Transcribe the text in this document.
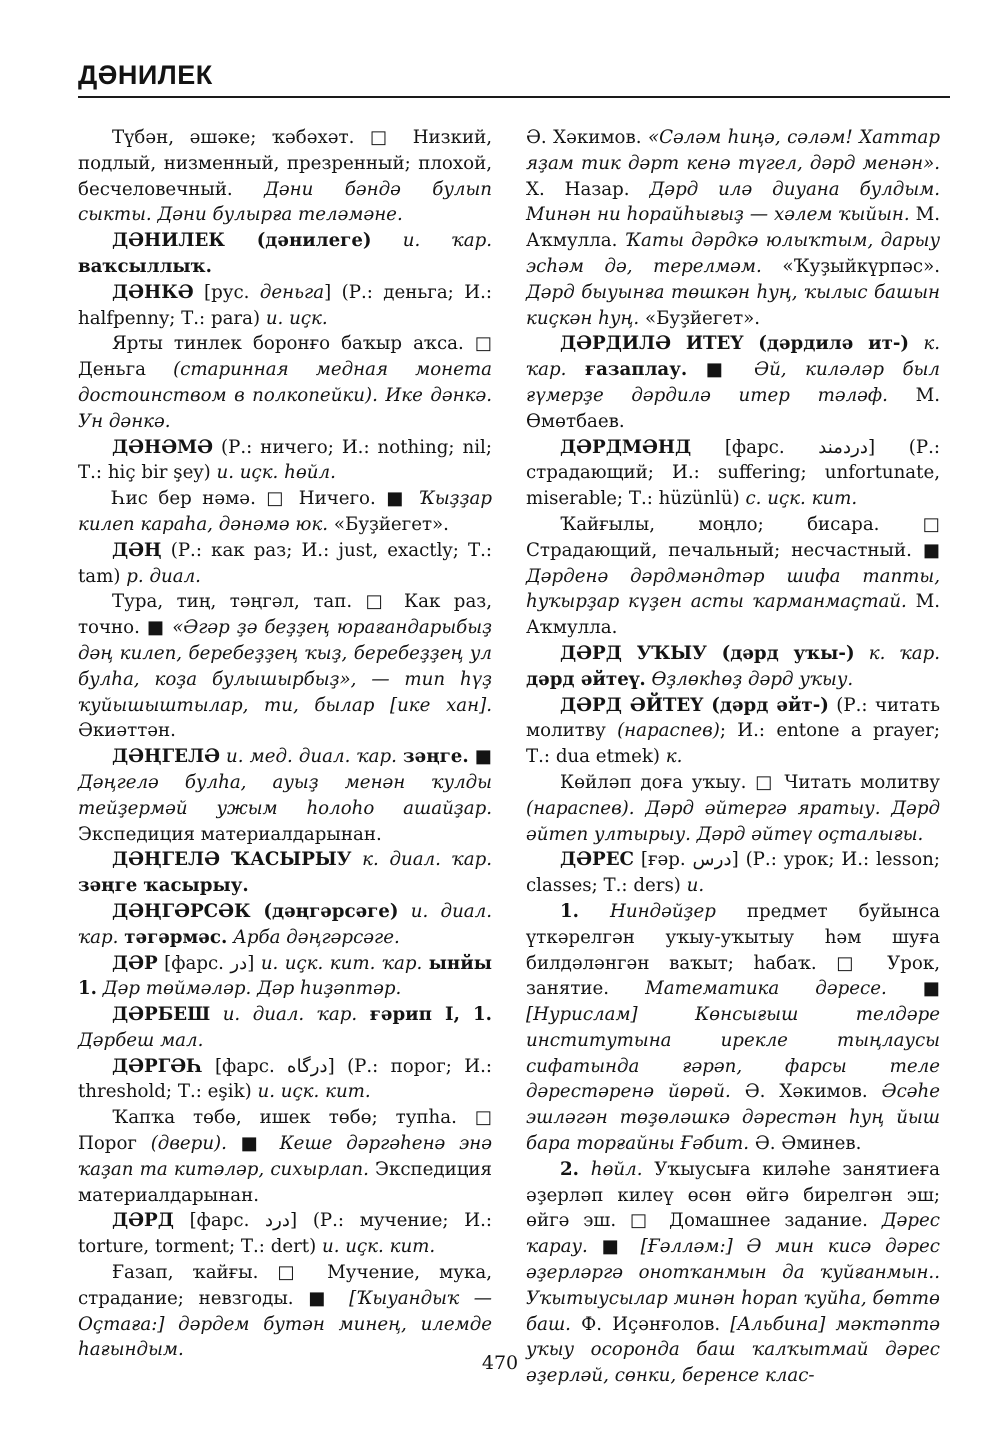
ДӘНИЛЕК

Түбән, әшәке; ҡәбәхәт. □ Низкий, подлый, низменный, презренный; плохой, бесчеловечный. Дәни бәндә булып сыкты. Дәни булырға теләмәне.

ДӘНИЛЕК (дәнилеге) и. ҡар. ваҡсыллыҡ.

ДӘНКӘ [рус. деньга] (Р.: деньга; И.: halfpenny; Т.: para) и. иҫк.

Ярты тинлек боронғо баҡыр аҡса. □ Деньга (старинная медная монета достоинством в полкопейки). Ике дәнкә. Ун дәнкә.

ДӘНӘМӘ (Р.: ничего; И.: nothing; nil; Т.: hiç bir şey) и. иҫк. һөйл.

Һис бер нәмә. □ Ничего. ■ Ҡыҙҙар килеп караһа, дәнәмә юк. «Буҙйегет».

ДӘҢ (Р.: как раз; И.: just, exactly; Т.: tam) р. диал.

Тура, тиң, тәңгәл, тап. □ Как раз, точно. ■ «Әгәр ҙә беҙҙең юрағандарыбыҙ дәң килеп, беребеҙҙең ҡыҙ, беребеҙҙең ул булһа, коҙа булышырбыҙ», — тип һүҙ ҡуйышыштылар, ти, былар [ике хан]. Әкиәттән.

ДӘҢГЕЛӘ и. мед. диал. ҡар. зәңге. ■ Дәңгелә булһа, ауыҙ менән ҡулды тейҙермәй ужым һолоһо ашайҙар. Экспедиция материалдарынан.

ДӘҢГЕЛӘ ҠАСЫРЫУ к. диал. ҡар. зәңге ҡасырыу.

ДӘҢГӘРСӘК (дәңгәрсәге) и. диал. ҡар. тәгәрмәс. Арба дәңгәрсәге.

ДӘР [фарс. ﺩﺭ] и. иҫк. кит. ҡар. ынйы 1. Дәр төймәләр. Дәр һиҙәптәр.

ДӘРБЕШ и. диал. ҡар. ғәрип I, 1. Дәрбеш мал.

ДӘРГӘҺ [фарс. ﺩﺭﮔﺎﻩ] (Р.: порог; И.: threshold; Т.: eşik) и. иҫк. кит.

Ҡапҡа төбө, ишек төбө; тупһа. □ Порог (двери). ■ Кеше дәргәһенә энә ҡаҙап та китәләр, сихырлап. Экспедиция материалдарынан.

ДӘРД [фарс. ﺩﺭﺩ] (Р.: мучение; И.: torture, torment; Т.: dert) и. иҫк. кит.

Ғазап, ҡайғы. □ Мучение, мука, страдание; невзгоды. ■ [Ҡыуандыҡ — Оҫтаға:] дәрдем бутән минең, илемде һағындым.

Ә. Хәкимов. «Сәләм һиңә, сәләм! Хаттар яҙам тик дәрт кенә түгел, дәрд менән». Х. Назар. Дәрд илә диуана булдым. Минән ни һорайһығыҙ — хәлем ҡыйын. М. Аҡмулла. Ҡаты дәрдкә юлыҡтым, дарыу эсһәм дә, терелмәм. «Ҡуҙыйкүрпәс». Дәрд быуынға төшкән һуң, ҡылыс башын киҫкән һуң. «Буҙйегет».

ДӘРДИЛӘ ИТЕҮ (дәрдилә ит-) к. ҡар. ғазаплау. ■ Әй, киләләр был ғүмерҙе дәрдилә итер тәләф. М. Өмөтбаев.

ДӘРДМӘНД [фарс. ﺩﺭﺩﻣﻨﺪ] (Р.: страдающий; И.: suffering; unfortunate, miserable; Т.: hüzünlü) с. иҫк. кит.

Ҡайғылы, моңло; бисара. □ Страдающий, печальный; несчастный. ■ Дәрденә дәрдмәндтәр шифа тапты, һуҡырҙар күҙен асты ҡарманмаҫтай. М. Аҡмулла.

ДӘРД УҠЫУ (дәрд уҡы-) к. ҡар. дәрд әйтеү. Өҙлөкһөҙ дәрд уҡыу.

ДӘРД ӘЙТЕҮ (дәрд әйт-) (Р.: читать молитву (нараспев); И.: entone a prayer; Т.: dua etmek) к.

Көйләп доға уҡыу. □ Читать молитву (нараспев). Дәрд әйтергә яратыу. Дәрд әйтеп ултырыу. Дәрд әйтеү оҫталығы.

ДӘРЕС [ғәр. ﺩﺭﺱ] (Р.: урок; И.: lesson; classes; Т.: ders) и.

1. Ниндәйҙер предмет буйынса үткәрелгән уҡыу-уҡытыу һәм шуға билдәләнгән ваҡыт; һабаҡ. □ Урок, занятие. Математика дәресе. ■ [Нурислам] Көнсығыш телдәре институтына ирекле тыңлаусы сифатында ғәрәп, фарсы теле дәрестәренә йөрөй. Ә. Хәкимов. Әсәһе эшләгән төҙөләшкә дәрестән һуң йыш бара торғайны Ғәбит. Ә. Әминев.

2. һөйл. Уҡыусыға киләһе занятиеға әҙерләп килеү өсөн өйгә бирелгән эш; өйгә эш. □ Домашнее задание. Дәрес ҡарау. ■ [Ғәлләм:] Ә мин кисә дәрес әҙерләргә онотҡанмын да ҡуйғанмын.. Уҡытыусылар минән һорап ҡуйһа, бөттө баш. Ф. Иҫәнғолов. [Альбина] мәктәптә уҡыу осоронда баш ҡалҡытмай дәрес әҙерләй, сөнки, беренсе клас-

470
